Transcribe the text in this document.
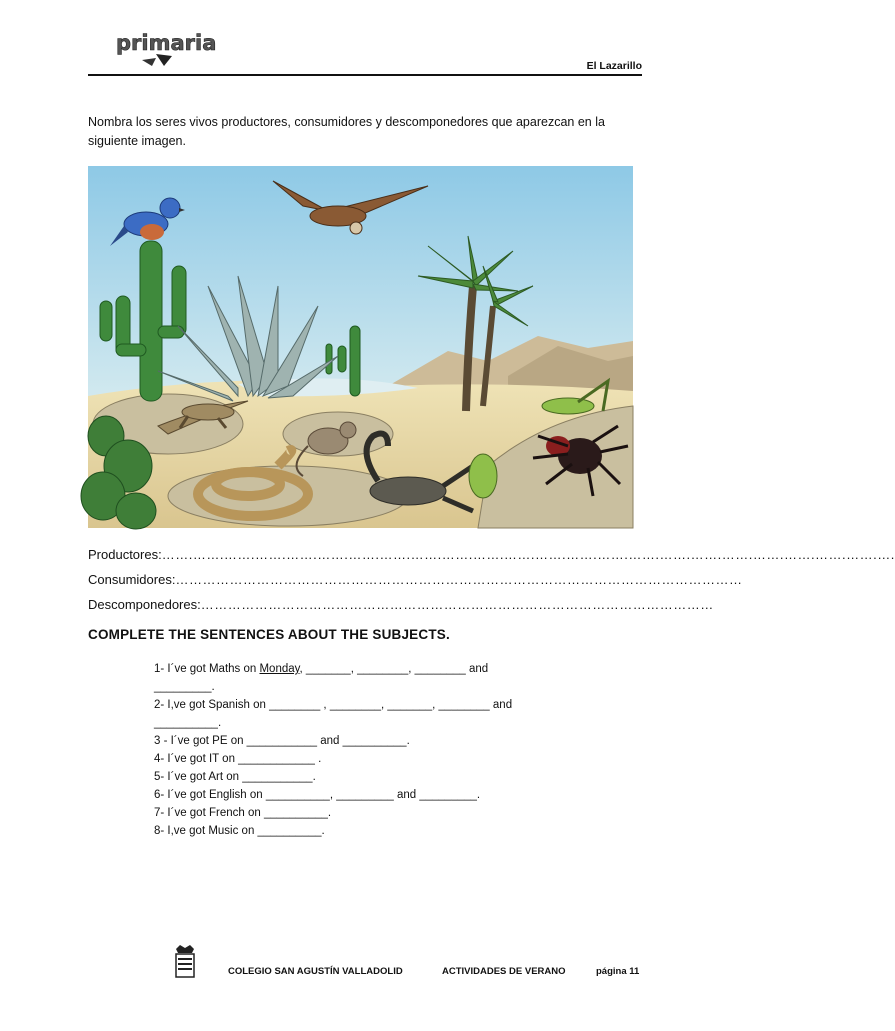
primaria
El Lazarillo
Nombra los seres vivos productores, consumidores y descomponedores que aparezcan en la siguiente imagen.
Productores:…….…….…….…….…….…….…….…….…….…….…….…….…….…….…….…….…….…….…….…….…….…….…….….
Consumidores:………………………………………………………………………………………………………………
Descomponedores:……………………………………………………………………………………………………
COMPLETE THE SENTENCES ABOUT THE SUBJECTS.
1- I´ve got Maths on Monday, _______, ________, ________ and _________.
2- I,ve got Spanish on ________ , ________, _______, ________ and __________.
3 - I´ve got PE on ___________ and __________.
4- I´ve got IT on ____________ .
5- I´ve got Art on ___________.
6- I´ve got English on __________, _________ and _________.
7- I´ve got French on __________.
8- I,ve got Music on __________.
COLEGIO SAN AGUSTÍN VALLADOLID	ACTIVIDADES DE VERANO	página 11
